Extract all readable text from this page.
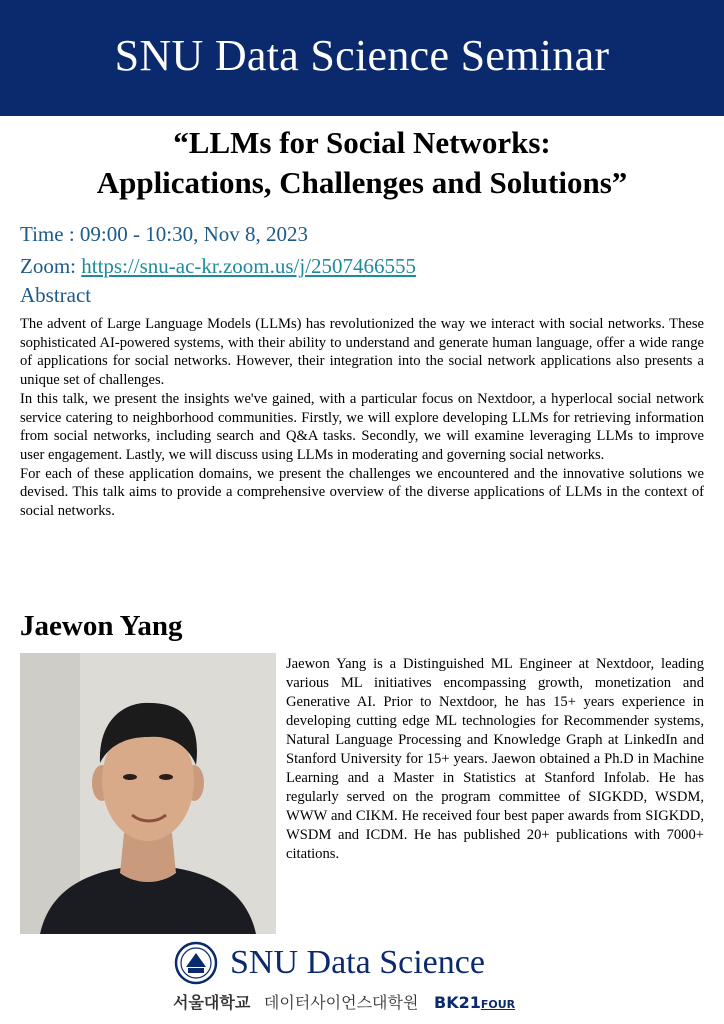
SNU Data Science Seminar
“LLMs for Social Networks:
Applications, Challenges and Solutions”
Time : 09:00 - 10:30, Nov 8, 2023
Zoom: https://snu-ac-kr.zoom.us/j/2507466555
Abstract

The advent of Large Language Models (LLMs) has revolutionized the way we interact with social networks. These sophisticated AI-powered systems, with their ability to understand and generate human language, offer a wide range of applications for social networks. However, their integration into the social network applications also presents a unique set of challenges.

In this talk, we present the insights we've gained, with a particular focus on Nextdoor, a hyperlocal social network service catering to neighborhood communities. Firstly, we will explore developing LLMs for retrieving information from social networks, including search and Q&A tasks. Secondly, we will examine leveraging LLMs to improve user engagement. Lastly, we will discuss using LLMs in moderating and governing social networks.

For each of these application domains, we present the challenges we encountered and the innovative solutions we devised. This talk aims to provide a comprehensive overview of the diverse applications of LLMs in the context of social networks.

Jaewon Yang
Jaewon Yang is a Distinguished ML Engineer at Nextdoor, leading various ML initiatives encompassing growth, monetization and Generative AI. Prior to Nextdoor, he has 15+ years experience in developing cutting edge ML technologies for Recommender systems, Natural Language Processing and Knowledge Graph at LinkedIn and Stanford University for 15+ years. Jaewon obtained a Ph.D in Machine Learning and a Master in Statistics at Stanford Infolab. He has regularly served on the program committee of SIGKDD, WSDM, WWW and CIKM. He received four best paper awards from SIGKDD, WSDM and ICDM. He has published 20+ publications with 7000+ citations.
SNU Data Science
서울대학교 데이터사이언스대학원 BK21FOUR
